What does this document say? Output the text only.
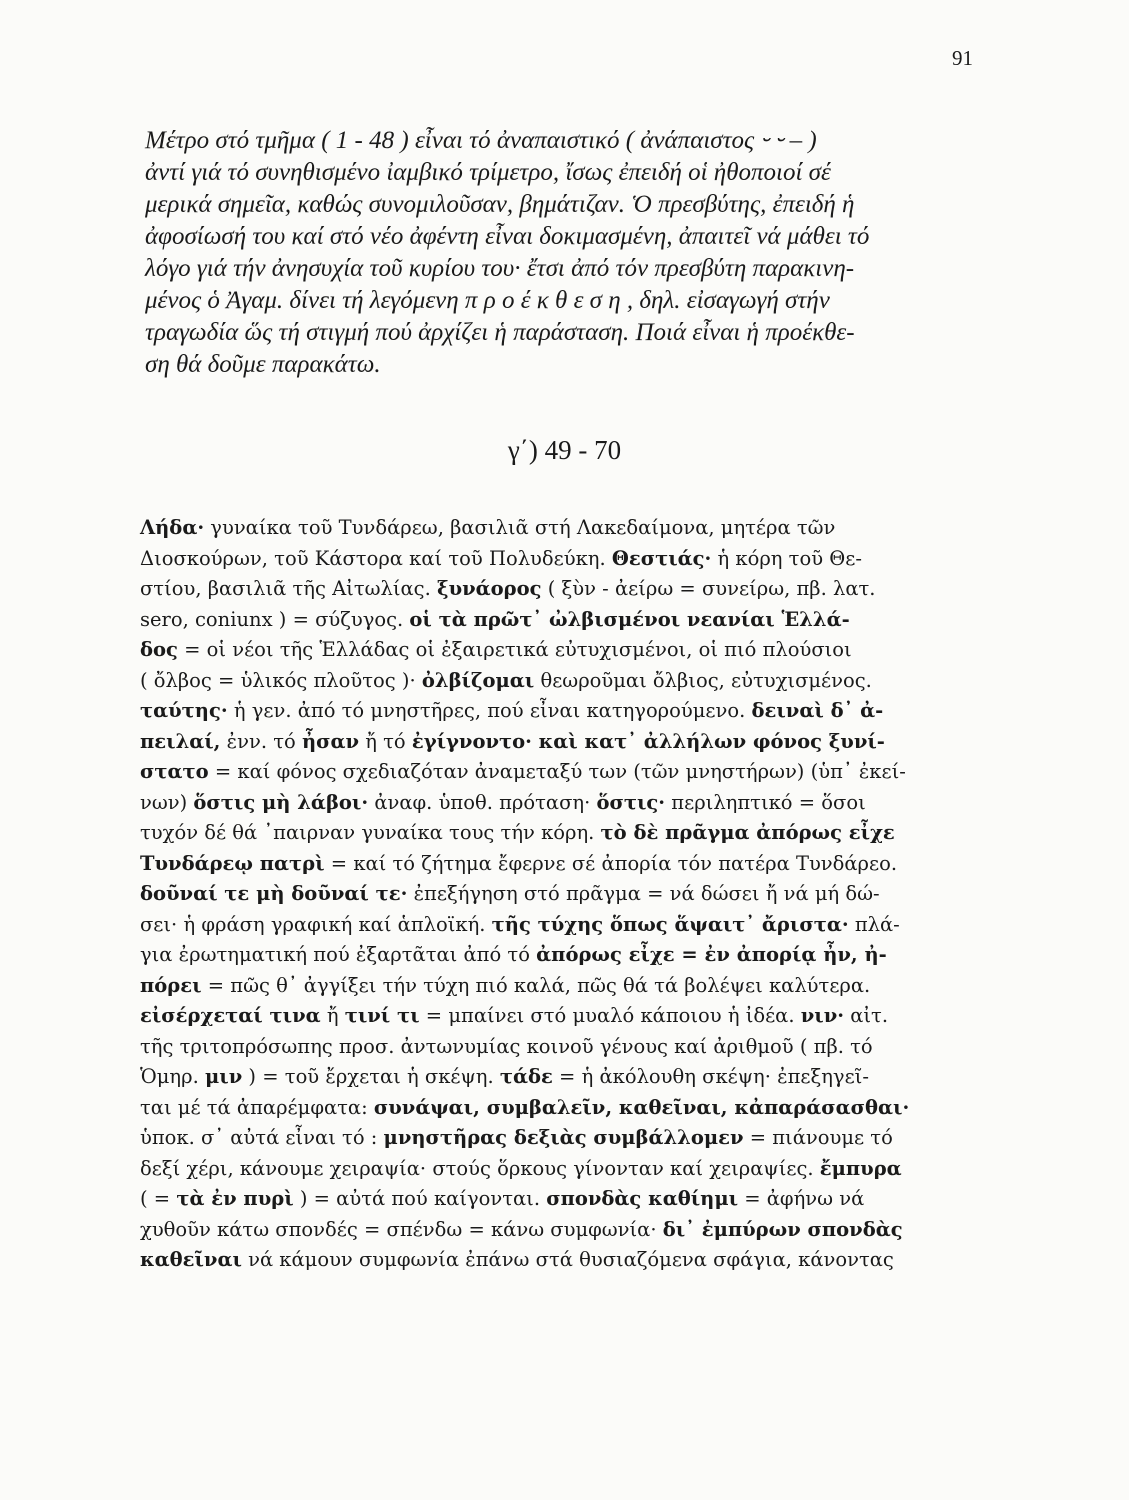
91
Μέτρο στό τμῆμα ( 1 - 48 ) εἶναι τό ἀναπαιστικό ( ἀνάπαιστος ⏑ ⏑ – )
ἀντί γιά τό συνηθισμένο ἰαμβικό τρίμετρο, ἴσως ἐπειδή οἱ ἠθοποιοί σέ
μερικά σημεῖα, καθώς συνομιλοῦσαν, βημάτιζαν. Ὁ πρεσβύτης, ἐπειδή ἡ
ἀφοσίωσή του καί στό νέο ἀφέντη εἶναι δοκιμασμένη, ἀπαιτεῖ νά μάθει τό
λόγο γιά τήν ἀνησυχία τοῦ κυρίου του· ἔτσι ἀπό τόν πρεσβύτη παρακινη-
μένος ὁ Ἀγαμ. δίνει τή λεγόμενη π ρ ο έ κ θ ε σ η , δηλ. εἰσαγωγή στήν
τραγωδία ὥς τή στιγμή πού ἀρχίζει ἡ παράσταση. Ποιά εἶναι ἡ προέκθε-
ση θά δοῦμε παρακάτω.
γ΄) 49 - 70
Λήδα· γυναίκα τοῦ Τυνδάρεω, βασιλιᾶ στή Λακεδαίμονα, μητέρα τῶν
Διοσκούρων, τοῦ Κάστορα καί τοῦ Πολυδεύκη. Θεστιάς· ἡ κόρη τοῦ Θε-
στίου, βασιλιᾶ τῆς Αἰτωλίας. ξυνάορος ( ξὺν - ἀείρω = συνείρω, πβ. λατ.
sero, coniunx ) = σύζυγος. οἱ τὰ πρῶτ᾽ ὠλβισμένοι νεανίαι Ἑλλά-
δος = οἱ νέοι τῆς Ἑλλάδας οἱ ἐξαιρετικά εὐτυχισμένοι, οἱ πιό πλούσιοι
( ὄλβος = ὑλικός πλοῦτος )· ὀλβίζομαι θεωροῦμαι ὄλβιος, εὐτυχισμένος.
ταύτης· ἡ γεν. ἀπό τό μνηστῆρες, πού εἶναι κατηγορούμενο. δειναὶ δ᾽ ἀ-
πειλαί, ἐνν. τό ἦσαν ἤ τό ἐγίγνοντο· καὶ κατ᾽ ἀλλήλων φόνος ξυνί-
στατο = καί φόνος σχεδιαζόταν ἀναμεταξύ των (τῶν μνηστήρων) (ὑπ᾽ ἐκεί-
νων) ὅστις μὴ λάβοι· ἀναφ. ὑποθ. πρόταση· ὅστις· περιληπτικό = ὅσοι
τυχόν δέ θά ᾽παιρναν γυναίκα τους τήν κόρη. τὸ δὲ πρᾶγμα ἀπόρως εἶχε
Τυνδάρεῳ πατρὶ = καί τό ζήτημα ἔφερνε σέ ἀπορία τόν πατέρα Τυνδάρεο.
δοῦναί τε μὴ δοῦναί τε· ἐπεξήγηση στό πρᾶγμα = νά δώσει ἤ νά μή δώ-
σει· ἡ φράση γραφική καί ἁπλοϊκή. τῆς τύχης ὅπως ἅψαιτ᾽ ἄριστα· πλά-
για ἐρωτηματική πού ἐξαρτᾶται ἀπό τό ἀπόρως εἶχε = ἐν ἀπορίᾳ ἦν, ἠ-
πόρει = πῶς θ᾽ ἀγγίξει τήν τύχη πιό καλά, πῶς θά τά βολέψει καλύτερα.
εἰσέρχεταί τινα ἤ τινί τι = μπαίνει στό μυαλό κάποιου ἡ ἰδέα. νιν· αἰτ.
τῆς τριτοπρόσωπης προσ. ἀντωνυμίας κοινοῦ γένους καί ἀριθμοῦ ( πβ. τό
Ὁμηρ. μιν ) = τοῦ ἔρχεται ἡ σκέψη. τάδε = ἡ ἀκόλουθη σκέψη· ἐπεξηγεῖ-
ται μέ τά ἀπαρέμφατα: συνάψαι, συμβαλεῖν, καθεῖναι, κἀπαράσασθαι·
ὑποκ. σ᾽ αὐτά εἶναι τό : μνηστῆρας δεξιὰς συμβάλλομεν = πιάνουμε τό
δεξί χέρι, κάνουμε χειραψία· στούς ὅρκους γίνονταν καί χειραψίες. ἔμπυρα
( = τὰ ἐν πυρὶ ) = αὐτά πού καίγονται. σπονδὰς καθίημι = ἀφήνω νά
χυθοῦν κάτω σπονδές = σπένδω = κάνω συμφωνία· δι᾽ ἐμπύρων σπονδὰς
καθεῖναι νά κάμουν συμφωνία ἐπάνω στά θυσιαζόμενα σφάγια, κάνοντας
